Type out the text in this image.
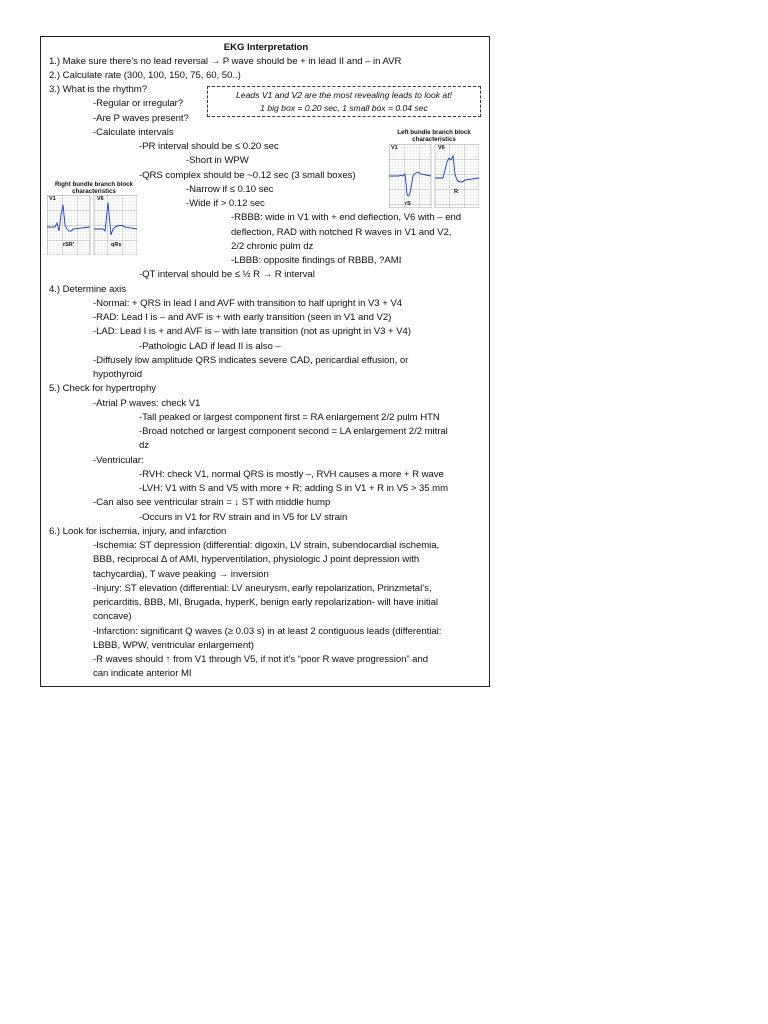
EKG Interpretation
1.) Make sure there’s no lead reversal → P wave should be + in lead II and – in AVR
2.) Calculate rate (300, 100, 150, 75, 60, 50..)
3.) What is the rhythm?
-Regular or irregular?
-Are P waves present?
-Calculate intervals
-PR interval should be ≤ 0.20 sec
-Short in WPW
-QRS complex should be ~0.12 sec (3 small boxes)
-Narrow if ≤ 0.10 sec
-Wide if > 0.12 sec
-RBBB: wide in V1 with + end deflection, V6 with – end
deflection, RAD with notched R waves in V1 and V2,
2/2 chronic pulm dz
-LBBB: opposite findings of RBBB, ?AMI
-QT interval should be ≤ ½ R → R interval
4.) Determine axis
-Normal: + QRS in lead I and AVF with transition to half upright in V3 + V4
-RAD: Lead I is – and AVF is + with early transition (seen in V1 and V2)
-LAD: Lead I is + and AVF is – with late transition (not as upright in V3 + V4)
-Pathologic LAD if lead II is also –
-Diffusely low amplitude QRS indicates severe CAD, pericardial effusion, or
hypothyroid
5.) Check for hypertrophy
-Atrial P waves: check V1
-Tall peaked or largest component first = RA enlargement 2/2 pulm HTN
-Broad notched or largest component second = LA enlargement 2/2 mitral
dz
-Ventricular:
-RVH: check V1, normal QRS is mostly –, RVH causes a more + R wave
-LVH: V1 with S and V5 with more + R; adding S in V1 + R in V5 > 35 mm
-Can also see ventricular strain = ↓ ST with middle hump
-Occurs in V1 for RV strain and in V5 for LV strain
6.) Look for ischemia, injury, and infarction
-Ischemia: ST depression (differential: digoxin, LV strain, subendocardial ischemia,
BBB, reciprocal Δ of AMI, hyperventilation, physiologic J point depression with
tachycardia), T wave peaking → inversion
-Injury: ST elevation (differential: LV aneurysm, early repolarization, Prinzmetal’s,
pericarditis, BBB, MI, Brugada, hyperK, benign early repolarization- will have initial
concave)
-Infarction: significant Q waves (≥ 0.03 s) in at least 2 contiguous leads (differential:
LBBB, WPW, ventricular enlargement)
-R waves should ↑ from V1 through V5, if not it’s “poor R wave progression” and
can indicate anterior MI
Leads V1 and V2 are the most revealing leads to look at!
1 big box = 0.20 sec, 1 small box = 0.04 sec
Left bundle branch block characteristics
V1	V6
rS
R
Right bundle branch block characteristics
V1	V6
rSR'	qRs
